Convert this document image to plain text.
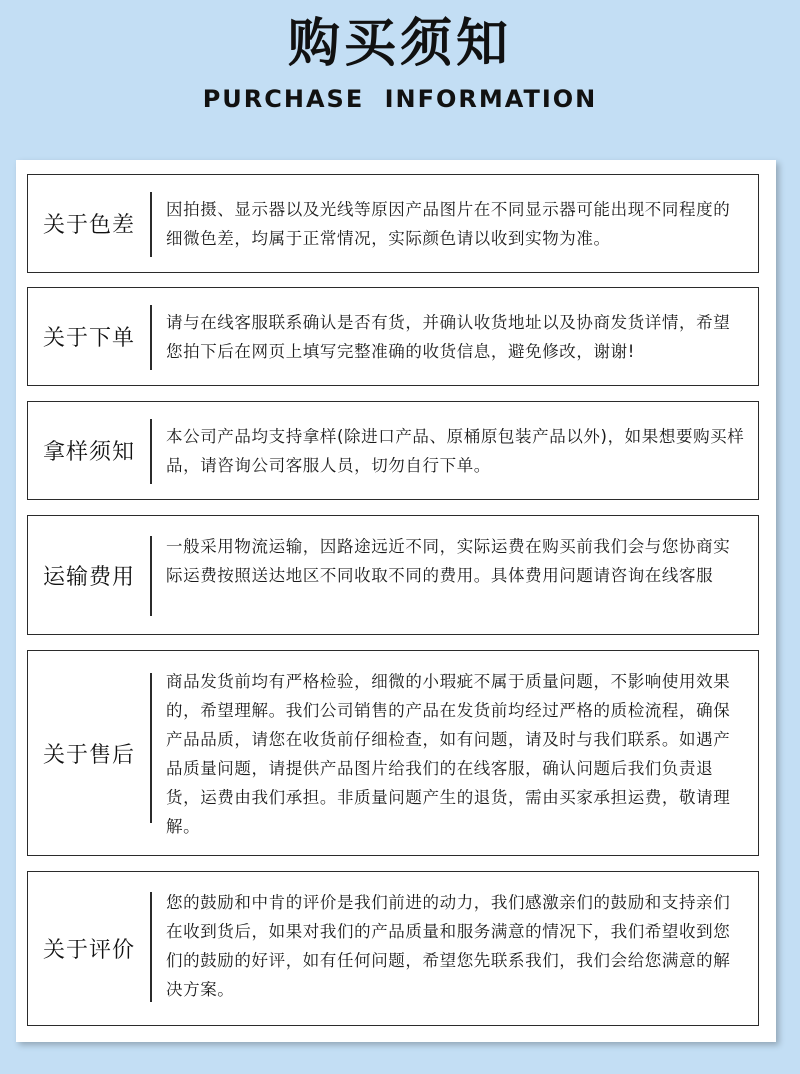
购买须知
PURCHASE INFORMATION
关于色差
因拍摄、显示器以及光线等原因产品图片在不同显示器可能出现不同程度的细微色差，均属于正常情况，实际颜色请以收到实物为准。
关于下单
请与在线客服联系确认是否有货，并确认收货地址以及协商发货详情，希望您拍下后在网页上填写完整准确的收货信息，避免修改，谢谢!
拿样须知
本公司产品均支持拿样(除进口产品、原桶原包装产品以外)，如果想要购买样品，请咨询公司客服人员，切勿自行下单。
运输费用
一般采用物流运输，因路途远近不同，实际运费在购买前我们会与您协商实际运费按照送达地区不同收取不同的费用。具体费用问题请咨询在线客服
关于售后
商品发货前均有严格检验，细微的小瑕疵不属于质量问题，不影响使用效果的，希望理解。我们公司销售的产品在发货前均经过严格的质检流程，确保产品品质，请您在收货前仔细检查，如有问题，请及时与我们联系。如遇产品质量问题，请提供产品图片给我们的在线客服，确认问题后我们负责退货，运费由我们承担。非质量问题产生的退货，需由买家承担运费，敬请理解。
关于评价
您的鼓励和中肯的评价是我们前进的动力，我们感激亲们的鼓励和支持亲们在收到货后，如果对我们的产品质量和服务满意的情况下，我们希望收到您们的鼓励的好评，如有任何问题，希望您先联系我们，我们会给您满意的解决方案。
